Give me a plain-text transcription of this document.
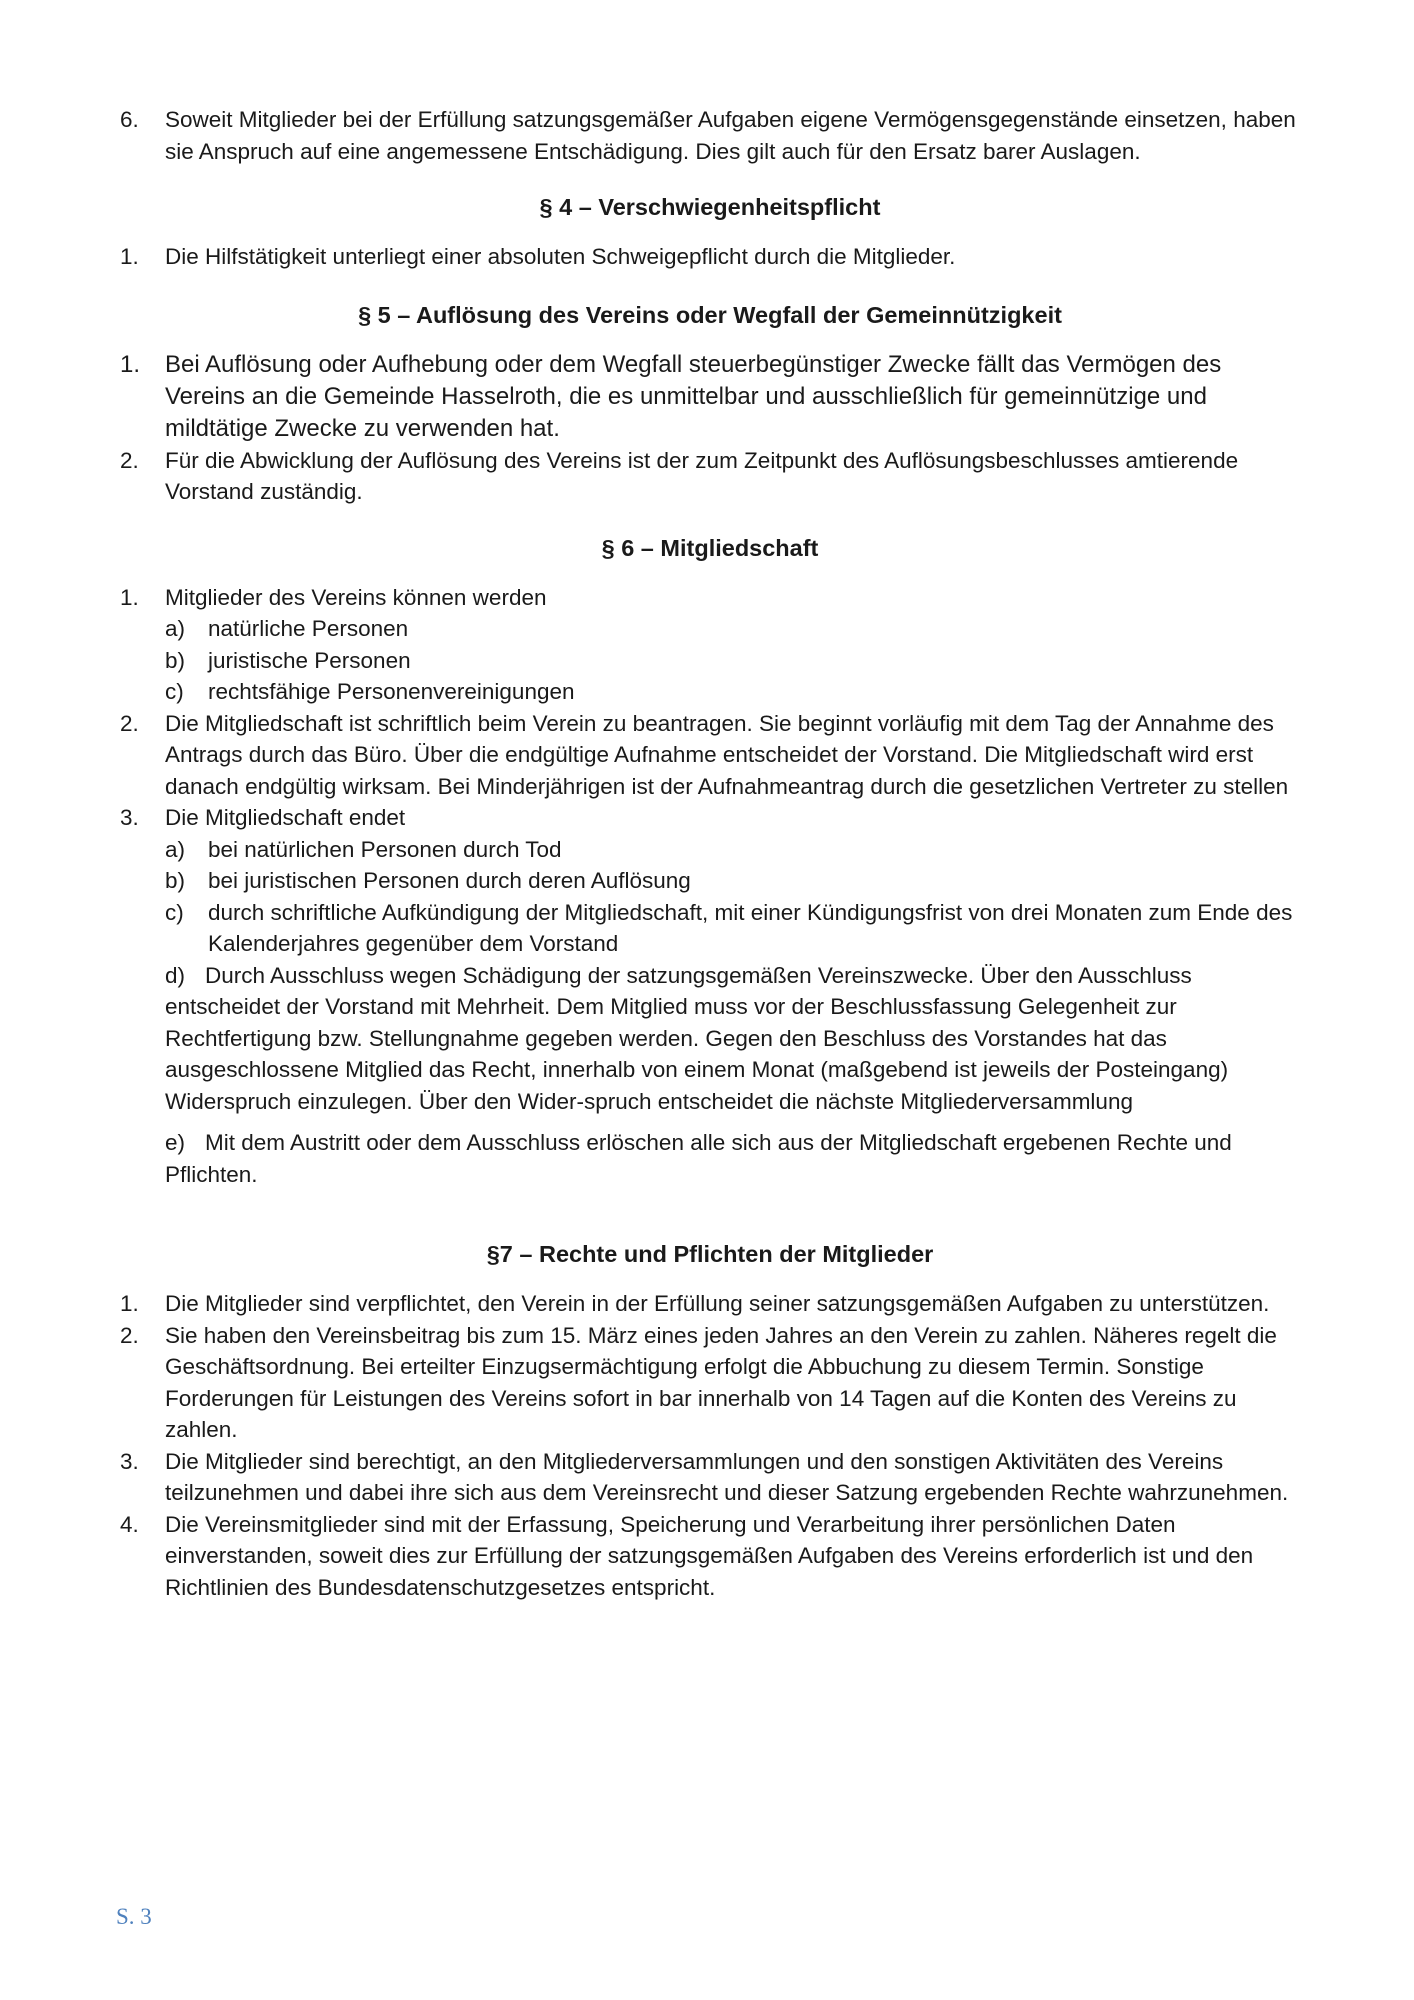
6.	Soweit Mitglieder bei der Erfüllung satzungsgemäßer Aufgaben eigene Vermögensgegenstände einsetzen, haben sie Anspruch auf eine angemessene Entschädigung. Dies gilt auch für den Ersatz barer Auslagen.

§ 4 – Verschwiegenheitspflicht

1.	Die Hilfstätigkeit unterliegt einer absoluten Schweigepflicht durch die Mitglieder.

§ 5 – Auflösung des Vereins oder Wegfall der Gemeinnützigkeit

1.	Bei Auflösung oder Aufhebung oder dem Wegfall steuerbegünstiger Zwecke fällt das Vermögen des Vereins an die Gemeinde Hasselroth, die es unmittelbar und ausschließlich für gemeinnützige und mildtätige Zwecke zu verwenden hat.

2.	Für die Abwicklung der Auflösung des Vereins ist der zum Zeitpunkt des Auflösungsbeschlusses amtierende Vorstand zuständig.

§ 6 – Mitgliedschaft

1.	Mitglieder des Vereins können werden

a) natürliche Personen

b) juristische Personen

c) rechtsfähige Personenvereinigungen

2.	Die Mitgliedschaft ist schriftlich beim Verein zu beantragen. Sie beginnt vorläufig mit dem Tag der Annahme des Antrags durch das Büro. Über die endgültige Aufnahme entscheidet der Vorstand. Die Mitgliedschaft wird erst danach endgültig wirksam. Bei Minderjährigen ist der Aufnahmeantrag durch die gesetzlichen Vertreter zu stellen

3.	Die Mitgliedschaft endet

a) bei natürlichen Personen durch Tod

b) bei juristischen Personen durch deren Auflösung

c) durch schriftliche Aufkündigung der Mitgliedschaft, mit einer Kündigungsfrist von drei Monaten zum Ende des Kalenderjahres gegenüber dem Vorstand

d) Durch Ausschluss wegen Schädigung der satzungsgemäßen Vereinszwecke. Über den Ausschluss entscheidet der Vorstand mit Mehrheit. Dem Mitglied muss vor der Beschlussfassung Gelegenheit zur Rechtfertigung bzw. Stellungnahme gegeben werden. Gegen den Beschluss des Vorstandes hat das ausgeschlossene Mitglied das Recht, innerhalb von einem Monat (maßgebend ist jeweils der Posteingang) Widerspruch einzulegen. Über den Wider-spruch entscheidet die nächste Mitgliederversammlung

e) Mit dem Austritt oder dem Ausschluss erlöschen alle sich aus der Mitgliedschaft ergebenen Rechte und Pflichten.

§7 – Rechte und Pflichten der Mitglieder

1.	Die Mitglieder sind verpflichtet, den Verein in der Erfüllung seiner satzungsgemäßen Aufgaben zu unterstützen.

2.	Sie haben den Vereinsbeitrag bis zum 15. März eines jeden Jahres an den Verein zu zahlen. Näheres regelt die Geschäftsordnung. Bei erteilter Einzugsermächtigung erfolgt die Abbuchung zu diesem Termin. Sonstige Forderungen für Leistungen des Vereins sofort in bar innerhalb von 14 Tagen auf die Konten des Vereins zu zahlen.

3.	Die Mitglieder sind berechtigt, an den Mitgliederversammlungen und den sonstigen Aktivitäten des Vereins teilzunehmen und dabei ihre sich aus dem Vereinsrecht und dieser Satzung ergebenden Rechte wahrzunehmen.

4.	Die Vereinsmitglieder sind mit der Erfassung, Speicherung und Verarbeitung ihrer persönlichen Daten einverstanden, soweit dies zur Erfüllung der satzungsgemäßen Aufgaben des Vereins erforderlich ist und den Richtlinien des Bundesdatenschutzgesetzes entspricht.

S. 3
